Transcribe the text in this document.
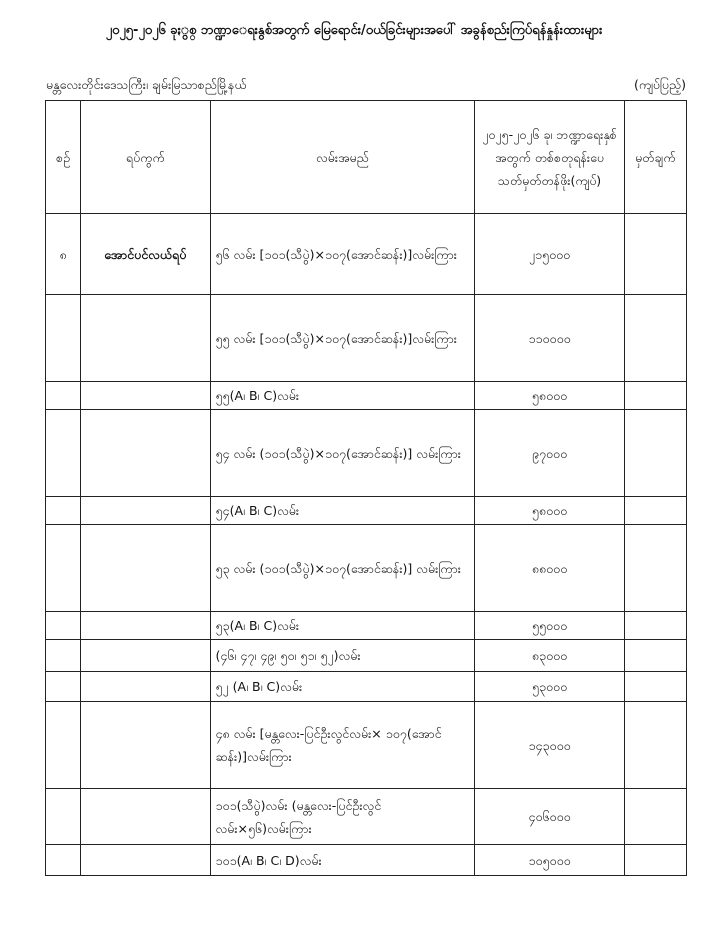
၂၀၂၅-၂၀၂၆ ခုႏွစ္ ဘဏ္ဍာေရးနွစ်အတွက် မြေရောင်း/ဝယ်ခြင်းများအပေါ် အခွန်စည်းကြပ်ရန်နှုန်းထားများ
မန္တလေးတိုင်းဒေသကြီး၊ ချမ်းမြသာစည်မြို့နယ်	(ကျပ်ပြည့်)
စဉ်	ရပ်ကွက်	လမ်းအမည်	၂၀၂၅-၂၀၂၆ ခု၊ ဘဏ္ဍာရေးနှစ်အတွက် တစ်စတုရန်းပေ သတ်မှတ်တန်ဖိုး(ကျပ်)	မှတ်ချက်
၈	အောင်ပင်လယ်ရပ်	၅၆ လမ်း [၁၀၁(သီပွဲ)×၁၀၇(အောင်ဆန်း)]လမ်းကြား	၂၁၅၀၀၀	
		၅၅ လမ်း [၁၀၁(သီပွဲ)×၁၀၇(အောင်ဆန်း)]လမ်းကြား	၁၁၀၀၀၀	
		၅၅(A၊ B၊ C)လမ်း	၅၈၀၀၀	
		၅၄ လမ်း (၁၀၁(သီပွဲ)×၁၀၇(အောင်ဆန်း)] လမ်းကြား	၉၇၀၀၀	
		၅၄(A၊ B၊ C)လမ်း	၅၈၀၀၀	
		၅၃ လမ်း (၁၀၁(သီပွဲ)×၁၀၇(အောင်ဆန်း)] လမ်းကြား	၈၈၀၀၀	
		၅၃(A၊ B၊ C)လမ်း	၅၅၀၀၀	
		(၄၆၊ ၄၇၊ ၄၉၊ ၅၀၊ ၅၁၊ ၅၂)လမ်း	၈၃၀၀၀	
		၅၂ (A၊ B၊ C)လမ်း	၅၃၀၀၀	
		၄၈ လမ်း [မန္တလေး-ပြင်ဦးလွင်လမ်း× ၁၀၇(အောင်ဆန်း)]လမ်းကြား	၁၄၃၀၀၀	
		၁၀၁(သီပွဲ)လမ်း (မန္တလေး-ပြင်ဦးလွင်လမ်း×၅၆)လမ်းကြား	၄၀၆၀၀၀	
		၁၀၁(A၊ B၊ C၊ D)လမ်း	၁၀၅၀၀၀	
